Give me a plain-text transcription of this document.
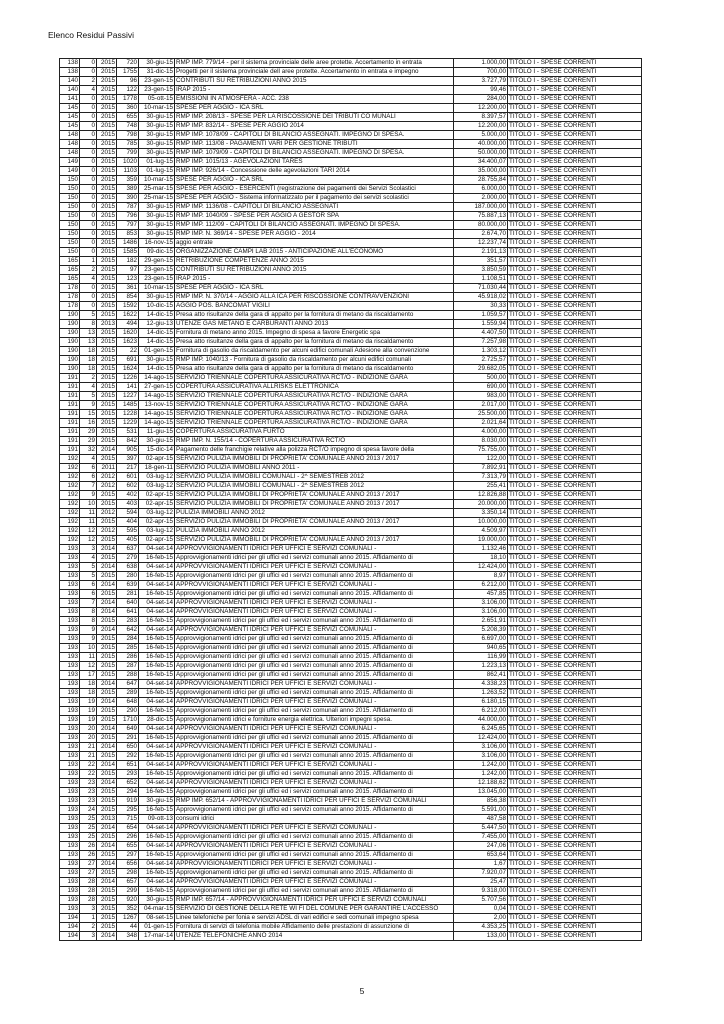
Elenco Residui Passivi
138	0	2015	720	30-giu-15	RMP IMP. 779/14 - per il sistema provinciale delle aree protette. Accertamento in entrata	1.000,00	TITOLO I - SPESE CORRENTI
138	0	2015	1755	31-dic-15	Progetti per il sistema provinciale dell aree protette. Accertamento in entrata e impegno	700,00	TITOLO I - SPESE CORRENTI
140	2	2015	96	23-gen-15	CONTRIBUTI SU RETRIBUZIONI ANNO 2015	3.727,79	TITOLO I - SPESE CORRENTI
140	4	2015	122	23-gen-15	IRAP 2015 -	99,46	TITOLO I - SPESE CORRENTI
141	0	2015	1778	05-ott-15	EMISSIONI IN ATMOSFERA - ACC. 238	284,00	TITOLO I - SPESE CORRENTI
145	0	2015	360	10-mar-15	SPESE PER AGGIO - ICA SRL	12.200,00	TITOLO I - SPESE CORRENTI
145	0	2015	655	30-giu-15	RMP IMP. 208/13 - SPESE PER LA RISCOSSIONE DEI TRIBUTI CO MUNALI	8.397,57	TITOLO I - SPESE CORRENTI
145	0	2015	748	30-giu-15	RMP IMP. 832/14 - SPESE PER AGGIO 2014	12.200,00	TITOLO I - SPESE CORRENTI
148	0	2015	798	30-giu-15	RMP IMP. 1078/09 - CAPITOLI DI BILANCIO ASSEGNATI. IMPEGNO DI SPESA.	5.000,00	TITOLO I - SPESE CORRENTI
148	0	2015	785	30-giu-15	RMP IMP. 113/08 - PAGAMENTI VARI PER GESTIONE TRIBUTI	40.000,00	TITOLO I - SPESE CORRENTI
148	0	2015	799	30-giu-15	RMP IMP. 1079/09 - CAPITOLI DI BILANCIO ASSEGNATI. IMPEGNO DI SPESA.	50.000,00	TITOLO I - SPESE CORRENTI
149	0	2015	1020	01-lug-15	RMP IMP. 1015/13 - AGEVOLAZIONI TARES	34.400,07	TITOLO I - SPESE CORRENTI
149	0	2015	1103	01-lug-15	RMP IMP. 926/14 - Concessione delle agevolazioni TARI 2014	35.000,00	TITOLO I - SPESE CORRENTI
150	0	2015	359	10-mar-15	SPESE PER AGGIO - ICA SRL	28.755,84	TITOLO I - SPESE CORRENTI
150	0	2015	389	25-mar-15	SPESE PER AGGIO - ESERCENTI (registrazione dei pagamenti dei Servizi Scolastici	6.000,00	TITOLO I - SPESE CORRENTI
150	0	2015	390	25-mar-15	SPESE PER AGGIO - Sistema informatizzato per il pagamento dei servizi scolastici	2.000,00	TITOLO I - SPESE CORRENTI
150	0	2015	787	30-giu-15	RMP IMP. 1136/08 - CAPITOLI DI BILANCIO ASSEGNATI	187.000,00	TITOLO I - SPESE CORRENTI
150	0	2015	796	30-giu-15	RMP IMP. 1040/09 - SPESE PER AGGIO A GESTOR SPA	75.887,13	TITOLO I - SPESE CORRENTI
150	0	2015	797	30-giu-15	RMP IMP. 112/09 - CAPITOLI DI BILANCIO ASSEGNATI. IMPEGNO DI SPESA.	80.000,00	TITOLO I - SPESE CORRENTI
150	0	2015	853	30-giu-15	RMP IMP. N. 369/14 - SPESE PER AGGIO - 2014	2.674,70	TITOLO I - SPESE CORRENTI
150	0	2015	1486	16-nov-15	aggio entrate	12.237,74	TITOLO I - SPESE CORRENTI
150	0	2015	1585	09-dic-15	ORGANIZZAZIONE CAMPI LAB 2015 - ANTICIPAZIONE ALL'ECONOMO	2.191,13	TITOLO I - SPESE CORRENTI
165	1	2015	182	29-gen-15	RETRIBUZIONE COMPETENZE ANNO 2015	351,57	TITOLO I - SPESE CORRENTI
165	2	2015	97	23-gen-15	CONTRIBUTI SU RETRIBUZIONI ANNO 2015	3.850,59	TITOLO I - SPESE CORRENTI
165	4	2015	123	23-gen-15	IRAP 2015 -	1.108,51	TITOLO I - SPESE CORRENTI
178	0	2015	361	10-mar-15	SPESE PER AGGIO - ICA SRL	71.030,44	TITOLO I - SPESE CORRENTI
178	0	2015	854	30-giu-15	RMP IMP. N. 370/14 - AGGIO ALLA ICA PER RISCOSSIONE CONTRAVVENZIONI	45.918,02	TITOLO I - SPESE CORRENTI
178	0	2015	1592	10-dic-15	AGGIO POS. BANCOMAT VIGILI	30,33	TITOLO I - SPESE CORRENTI
190	5	2015	1622	14-dic-15	Presa atto risultanze della gara di appalto per la fornitura di metano da riscaldamento	1.059,57	TITOLO I - SPESE CORRENTI
190	8	2013	494	12-giu-13	UTENZE GAS METANO E CARBURANTI ANNO 2013	1.559,94	TITOLO I - SPESE CORRENTI
190	13	2015	1620	14-dic-15	Fornitura di metano anno 2015. Impegno di spesa a favore Energetic spa	4.407,50	TITOLO I - SPESE CORRENTI
190	13	2015	1623	14-dic-15	Presa atto risultanze della gara di appalto per la fornitura di metano da riscaldamento	7.257,98	TITOLO I - SPESE CORRENTI
190	18	2015	22	01-gen-15	Fornitura di gasolio da riscaldamento per alcuni edifici comunali Adesione alla convenzione	1.303,12	TITOLO I - SPESE CORRENTI
190	18	2015	691	30-giu-15	RMP IMP. 1040/13 - Fornitura di gasolio da riscaldamento per alcuni edifici comunali	2.725,57	TITOLO I - SPESE CORRENTI
190	18	2015	1624	14-dic-15	Presa atto risultanze della gara di appalto per la fornitura di metano da riscaldamento	29.682,05	TITOLO I - SPESE CORRENTI
191	2	2015	1226	14-ago-15	SERVIZIO TRIENNALE COPERTURA ASSICURATIVA RCT/O - INDIZIONE GARA	500,00	TITOLO I - SPESE CORRENTI
191	4	2015	141	27-gen-15	COPERTURA ASSICURATIVA ALLRISKS ELETTRONICA	690,00	TITOLO I - SPESE CORRENTI
191	5	2015	1227	14-ago-15	SERVIZIO TRIENNALE COPERTURA ASSICURATIVA RCT/O - INDIZIONE GARA	983,00	TITOLO I - SPESE CORRENTI
191	9	2015	1485	13-nov-15	SERVIZIO TRIENNALE COPERTURA ASSICURATIVA RCT/O - INDIZIONE GARA	2.017,00	TITOLO I - SPESE CORRENTI
191	15	2015	1228	14-ago-15	SERVIZIO TRIENNALE COPERTURA ASSICURATIVA RCT/O - INDIZIONE GARA	25.500,00	TITOLO I - SPESE CORRENTI
191	16	2015	1229	14-ago-15	SERVIZIO TRIENNALE COPERTURA ASSICURATIVA RCT/O - INDIZIONE GARA	2.021,64	TITOLO I - SPESE CORRENTI
191	29	2015	531	11-giu-15	COPERTURA ASSICURATIVA FURTO	4.000,00	TITOLO I - SPESE CORRENTI
191	29	2015	842	30-giu-15	RMP IMP. N. 155/14 - COPERTURA ASSICURATIVA RCT/O	8.030,00	TITOLO I - SPESE CORRENTI
191	32	2014	905	15-dic-14	Pagamento delle franchigie relative alla polizza RCT/O impegno di spesa favore della	75.755,00	TITOLO I - SPESE CORRENTI
192	4	2015	397	02-apr-15	SERVIZIO PULIZIA IMMOBILI DI PROPRIETA' COMUNALE ANNO 2013 / 2017	122,00	TITOLO I - SPESE CORRENTI
192	6	2011	217	18-gen-11	SERVIZIO PULIZIA IMMOBILI ANNO 2011 -	7.892,91	TITOLO I - SPESE CORRENTI
192	6	2012	601	03-lug-12	SERVIZIO PULIZIA IMMOBILI COMUNALI - 2^ SEMESTREB 2012	7.313,79	TITOLO I - SPESE CORRENTI
192	7	2012	602	03-lug-12	SERVIZIO PULIZIA IMMOBILI COMUNALI - 2^ SEMESTREB 2012	255,41	TITOLO I - SPESE CORRENTI
192	9	2015	402	02-apr-15	SERVIZIO PULIZIA IMMOBILI DI PROPRIETA' COMUNALE ANNO 2013 / 2017	12.826,88	TITOLO I - SPESE CORRENTI
192	10	2015	403	02-apr-15	SERVIZIO PULIZIA IMMOBILI DI PROPRIETA' COMUNALE ANNO 2013 / 2017	20.000,00	TITOLO I - SPESE CORRENTI
192	11	2012	594	03-lug-12	PULIZIA IMMOBILI ANNO 2012	3.350,14	TITOLO I - SPESE CORRENTI
192	11	2015	404	02-apr-15	SERVIZIO PULIZIA IMMOBILI DI PROPRIETA' COMUNALE ANNO 2013 / 2017	10.000,00	TITOLO I - SPESE CORRENTI
192	12	2012	595	03-lug-12	PULIZIA IMMOBILI ANNO 2012	4.509,97	TITOLO I - SPESE CORRENTI
192	12	2015	405	02-apr-15	SERVIZIO PULIZIA IMMOBILI DI PROPRIETA' COMUNALE ANNO 2013 / 2017	19.000,00	TITOLO I - SPESE CORRENTI
193	3	2014	637	04-set-14	APPROVVIGIONAMENTI IDRICI PER UFFICI E SERVIZI COMUNALI -	1.132,46	TITOLO I - SPESE CORRENTI
193	4	2015	279	16-feb-15	Approvvigionamenti idrici per gli uffici ed i servizi comunali anno 2015. Affidamento di	18,10	TITOLO I - SPESE CORRENTI
193	5	2014	638	04-set-14	APPROVVIGIONAMENTI IDRICI PER UFFICI E SERVIZI COMUNALI -	12.424,00	TITOLO I - SPESE CORRENTI
193	5	2015	280	16-feb-15	Approvvigionamenti idrici per gli uffici ed i servizi comunali anno 2015. Affidamento di	8,97	TITOLO I - SPESE CORRENTI
193	6	2014	639	04-set-14	APPROVVIGIONAMENTI IDRICI PER UFFICI E SERVIZI COMUNALI -	6.212,00	TITOLO I - SPESE CORRENTI
193	6	2015	281	16-feb-15	Approvvigionamenti idrici per gli uffici ed i servizi comunali anno 2015. Affidamento di	457,85	TITOLO I - SPESE CORRENTI
193	7	2014	640	04-set-14	APPROVVIGIONAMENTI IDRICI PER UFFICI E SERVIZI COMUNALI -	3.106,00	TITOLO I - SPESE CORRENTI
193	8	2014	641	04-set-14	APPROVVIGIONAMENTI IDRICI PER UFFICI E SERVIZI COMUNALI -	3.106,00	TITOLO I - SPESE CORRENTI
193	8	2015	283	16-feb-15	Approvvigionamenti idrici per gli uffici ed i servizi comunali anno 2015. Affidamento di	2.651,91	TITOLO I - SPESE CORRENTI
193	9	2014	642	04-set-14	APPROVVIGIONAMENTI IDRICI PER UFFICI E SERVIZI COMUNALI -	5.208,39	TITOLO I - SPESE CORRENTI
193	9	2015	284	16-feb-15	Approvvigionamenti idrici per gli uffici ed i servizi comunali anno 2015. Affidamento di	6.697,00	TITOLO I - SPESE CORRENTI
193	10	2015	285	16-feb-15	Approvvigionamenti idrici per gli uffici ed i servizi comunali anno 2015. Affidamento di	940,65	TITOLO I - SPESE CORRENTI
193	11	2015	286	16-feb-15	Approvvigionamenti idrici per gli uffici ed i servizi comunali anno 2015. Affidamento di	116,99	TITOLO I - SPESE CORRENTI
193	12	2015	287	16-feb-15	Approvvigionamenti idrici per gli uffici ed i servizi comunali anno 2015. Affidamento di	1.223,13	TITOLO I - SPESE CORRENTI
193	17	2015	288	16-feb-15	Approvvigionamenti idrici per gli uffici ed i servizi comunali anno 2015. Affidamento di	862,41	TITOLO I - SPESE CORRENTI
193	18	2014	647	04-set-14	APPROVVIGIONAMENTI IDRICI PER UFFICI E SERVIZI COMUNALI -	4.338,23	TITOLO I - SPESE CORRENTI
193	18	2015	289	16-feb-15	Approvvigionamenti idrici per gli uffici ed i servizi comunali anno 2015. Affidamento di	1.263,52	TITOLO I - SPESE CORRENTI
193	19	2014	648	04-set-14	APPROVVIGIONAMENTI IDRICI PER UFFICI E SERVIZI COMUNALI -	6.180,15	TITOLO I - SPESE CORRENTI
193	19	2015	290	16-feb-15	Approvvigionamenti idrici per gli uffici ed i servizi comunali anno 2015. Affidamento di	6.212,00	TITOLO I - SPESE CORRENTI
193	19	2015	1710	28-dic-15	Approvvigionamenti idrici e forniture energia elettrica. Ulteriori impegni spesa.	44.000,00	TITOLO I - SPESE CORRENTI
193	20	2014	649	04-set-14	APPROVVIGIONAMENTI IDRICI PER UFFICI E SERVIZI COMUNALI -	6.245,65	TITOLO I - SPESE CORRENTI
193	20	2015	291	16-feb-15	Approvvigionamenti idrici per gli uffici ed i servizi comunali anno 2015. Affidamento di	12.424,00	TITOLO I - SPESE CORRENTI
193	21	2014	650	04-set-14	APPROVVIGIONAMENTI IDRICI PER UFFICI E SERVIZI COMUNALI -	3.106,00	TITOLO I - SPESE CORRENTI
193	21	2015	292	16-feb-15	Approvvigionamenti idrici per gli uffici ed i servizi comunali anno 2015. Affidamento di	3.106,00	TITOLO I - SPESE CORRENTI
193	22	2014	651	04-set-14	APPROVVIGIONAMENTI IDRICI PER UFFICI E SERVIZI COMUNALI -	1.242,00	TITOLO I - SPESE CORRENTI
193	22	2015	293	16-feb-15	Approvvigionamenti idrici per gli uffici ed i servizi comunali anno 2015. Affidamento di	1.242,00	TITOLO I - SPESE CORRENTI
193	23	2014	652	04-set-14	APPROVVIGIONAMENTI IDRICI PER UFFICI E SERVIZI COMUNALI -	12.188,62	TITOLO I - SPESE CORRENTI
193	23	2015	294	16-feb-15	Approvvigionamenti idrici per gli uffici ed i servizi comunali anno 2015. Affidamento di	13.045,00	TITOLO I - SPESE CORRENTI
193	23	2015	919	30-giu-15	RMP IMP. 652/14 - APPROVVIGIONAMENTI IDRICI PER UFFICI E SERVIZI COMUNALI	856,38	TITOLO I - SPESE CORRENTI
193	24	2015	295	16-feb-15	Approvvigionamenti idrici per gli uffici ed i servizi comunali anno 2015. Affidamento di	5.591,00	TITOLO I - SPESE CORRENTI
193	25	2013	715	09-ott-13	consumi idrici	487,58	TITOLO I - SPESE CORRENTI
193	25	2014	654	04-set-14	APPROVVIGIONAMENTI IDRICI PER UFFICI E SERVIZI COMUNALI -	5.447,50	TITOLO I - SPESE CORRENTI
193	25	2015	296	16-feb-15	Approvvigionamenti idrici per gli uffici ed i servizi comunali anno 2015. Affidamento di	7.455,00	TITOLO I - SPESE CORRENTI
193	26	2014	655	04-set-14	APPROVVIGIONAMENTI IDRICI PER UFFICI E SERVIZI COMUNALI -	247,06	TITOLO I - SPESE CORRENTI
193	26	2015	297	16-feb-15	Approvvigionamenti idrici per gli uffici ed i servizi comunali anno 2015. Affidamento di	653,64	TITOLO I - SPESE CORRENTI
193	27	2014	656	04-set-14	APPROVVIGIONAMENTI IDRICI PER UFFICI E SERVIZI COMUNALI -	1,67	TITOLO I - SPESE CORRENTI
193	27	2015	298	16-feb-15	Approvvigionamenti idrici per gli uffici ed i servizi comunali anno 2015. Affidamento di	7.920,07	TITOLO I - SPESE CORRENTI
193	28	2014	657	04-set-14	APPROVVIGIONAMENTI IDRICI PER UFFICI E SERVIZI COMUNALI -	25,47	TITOLO I - SPESE CORRENTI
193	28	2015	299	16-feb-15	Approvvigionamenti idrici per gli uffici ed i servizi comunali anno 2015. Affidamento di	9.318,00	TITOLO I - SPESE CORRENTI
193	28	2015	920	30-giu-15	RMP IMP. 657/14 - APPROVVIGIONAMENTI IDRICI PER UFFICI E SERVIZI COMUNALI	5.707,56	TITOLO I - SPESE CORRENTI
193	3	2015	352	04-mar-15	SERVIZIO DI GESTIONE DELLA RETE WI FI DEL COMUNE PER GARANTIRE L'ACCESSO	0,04	TITOLO I - SPESE CORRENTI
194	1	2015	1267	08-set-15	Linee telefoniche per fonia e servizi ADSL di vari edifici e sedi comunali impegno spesa	2,00	TITOLO I - SPESE CORRENTI
194	2	2015	44	01-gen-15	Fornitura di servizi di telefonia mobile Affidamento delle prestazioni di assunzione di	4.353,25	TITOLO I - SPESE CORRENTI
194	3	2014	348	17-mar-14	UTENZE TELEFONICHE ANNO 2014	133,00	TITOLO I - SPESE CORRENTI
5
